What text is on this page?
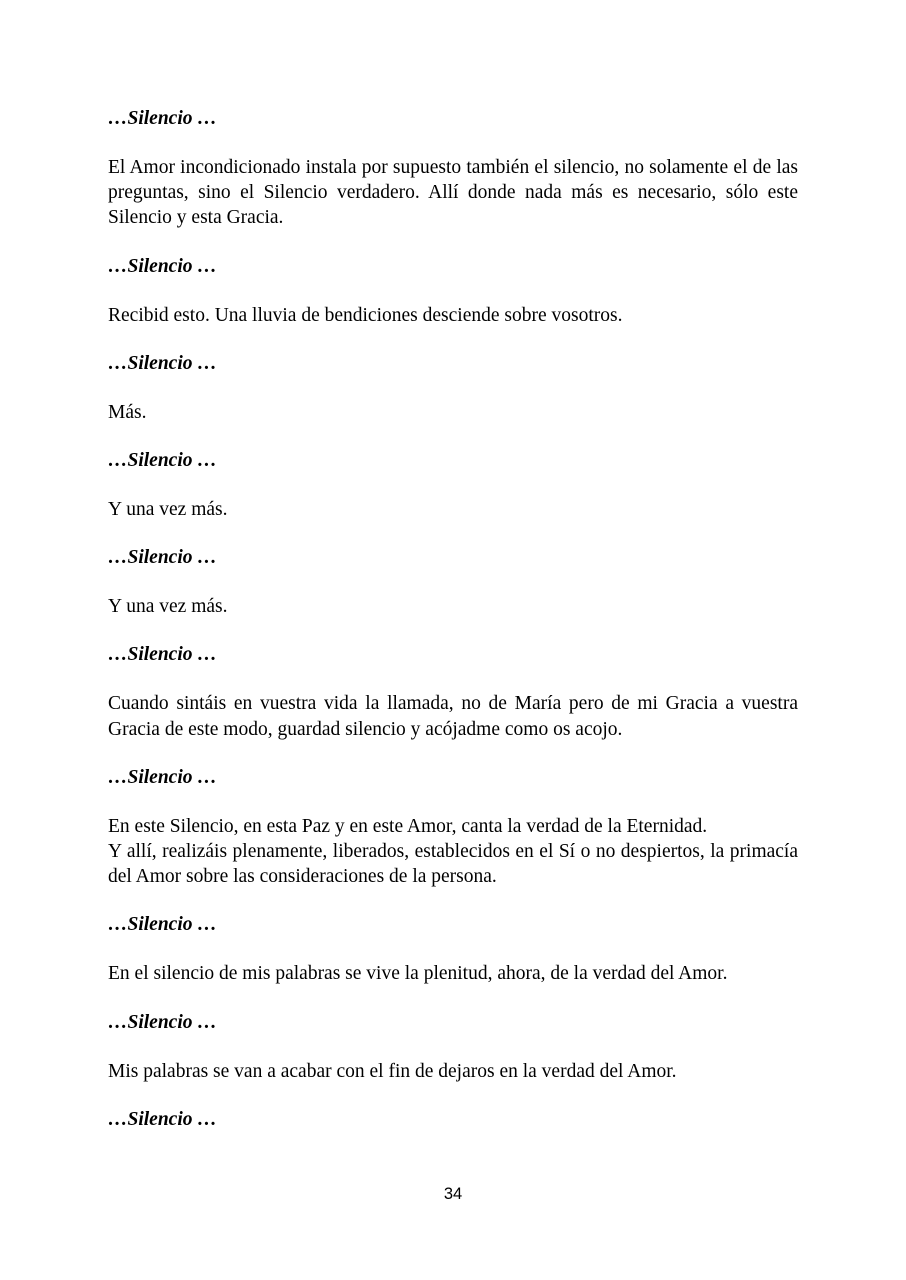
…Silencio …

El Amor incondicionado instala por supuesto también el silencio, no solamente el de las preguntas, sino el Silencio verdadero. Allí donde nada más es necesario, sólo este Silencio y esta Gracia.

…Silencio …

Recibid esto. Una lluvia de bendiciones desciende sobre vosotros.

…Silencio …

Más.

…Silencio …

Y una vez más.

…Silencio …

Y una vez más.

…Silencio …

Cuando sintáis en vuestra vida la llamada, no de María pero de mi Gracia a vuestra Gracia de este modo, guardad silencio y acójadme como os acojo.

…Silencio …

En este Silencio, en esta Paz y en este Amor, canta la verdad de la Eternidad.
Y allí, realizáis plenamente, liberados, establecidos en el Sí o no despiertos, la primacía del Amor sobre las consideraciones de la persona.

…Silencio …

En el silencio de mis palabras se vive la plenitud, ahora, de la verdad del Amor.

…Silencio …

Mis palabras se van a acabar con el fin de dejaros en la verdad del Amor.

…Silencio …

34
